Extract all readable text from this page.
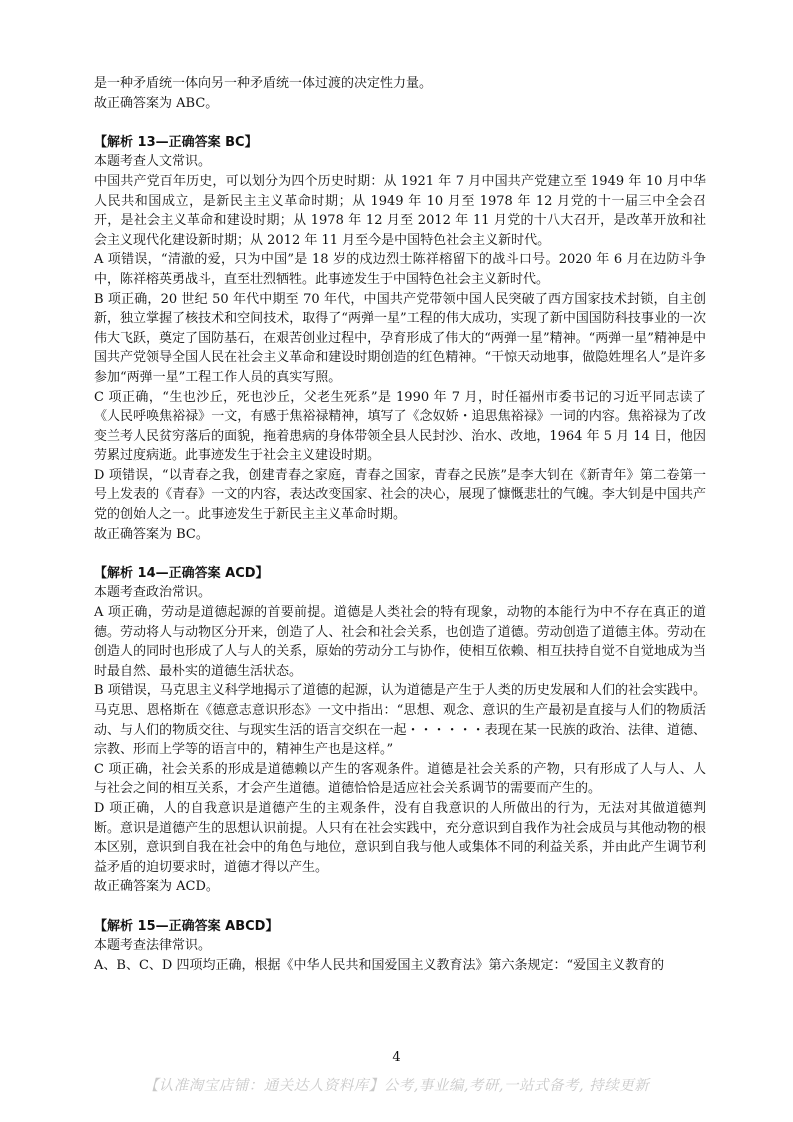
是一种矛盾统一体向另一种矛盾统一体过渡的决定性力量。

故正确答案为 ABC。

【解析 13—正确答案 BC】

本题考查人文常识。

中国共产党百年历史，可以划分为四个历史时期：从 1921 年 7 月中国共产党建立至 1949 年 10 月中华人民共和国成立，是新民主主义革命时期；从 1949 年 10 月至 1978 年 12 月党的十一届三中全会召开，是社会主义革命和建设时期；从 1978 年 12 月至 2012 年 11 月党的十八大召开，是改革开放和社会主义现代化建设新时期；从 2012 年 11 月至今是中国特色社会主义新时代。

A 项错误，“清澈的爱，只为中国”是 18 岁的戍边烈士陈祥榕留下的战斗口号。2020 年 6 月在边防斗争中，陈祥榕英勇战斗，直至壮烈牺牲。此事迹发生于中国特色社会主义新时代。

B 项正确，20 世纪 50 年代中期至 70 年代，中国共产党带领中国人民突破了西方国家技术封锁，自主创新，独立掌握了核技术和空间技术，取得了“两弹一星”工程的伟大成功，实现了新中国国防科技事业的一次伟大飞跃，奠定了国防基石，在艰苦创业过程中，孕育形成了伟大的“两弹一星”精神。“两弹一星”精神是中国共产党领导全国人民在社会主义革命和建设时期创造的红色精神。“干惊天动地事，做隐姓埋名人”是许多参加“两弹一星”工程工作人员的真实写照。

C 项正确，“生也沙丘，死也沙丘，父老生死系”是 1990 年 7 月，时任福州市委书记的习近平同志读了《人民呼唤焦裕禄》一文，有感于焦裕禄精神，填写了《念奴娇・追思焦裕禄》一词的内容。焦裕禄为了改变兰考人民贫穷落后的面貌，拖着患病的身体带领全县人民封沙、治水、改地，1964 年 5 月 14 日，他因劳累过度病逝。此事迹发生于社会主义建设时期。

D 项错误，“以青春之我，创建青春之家庭，青春之国家，青春之民族”是李大钊在《新青年》第二卷第一号上发表的《青春》一文的内容，表达改变国家、社会的决心，展现了慷慨悲壮的气魄。李大钊是中国共产党的创始人之一。此事迹发生于新民主主义革命时期。

故正确答案为 BC。

【解析 14—正确答案 ACD】

本题考查政治常识。

A 项正确，劳动是道德起源的首要前提。道德是人类社会的特有现象，动物的本能行为中不存在真正的道德。劳动将人与动物区分开来，创造了人、社会和社会关系，也创造了道德。劳动创造了道德主体。劳动在创造人的同时也形成了人与人的关系，原始的劳动分工与协作，使相互依赖、相互扶持自觉不自觉地成为当时最自然、最朴实的道德生活状态。

B 项错误，马克思主义科学地揭示了道德的起源，认为道德是产生于人类的历史发展和人们的社会实践中。马克思、恩格斯在《德意志意识形态》一文中指出：“思想、观念、意识的生产最初是直接与人们的物质活动、与人们的物质交往、与现实生活的语言交织在一起・・・・・・表现在某一民族的政治、法律、道德、宗教、形而上学等的语言中的，精神生产也是这样。”

C 项正确，社会关系的形成是道德赖以产生的客观条件。道德是社会关系的产物，只有形成了人与人、人与社会之间的相互关系，才会产生道德。道德恰恰是适应社会关系调节的需要而产生的。

D 项正确，人的自我意识是道德产生的主观条件，没有自我意识的人所做出的行为，无法对其做道德判断。意识是道德产生的思想认识前提。人只有在社会实践中，充分意识到自我作为社会成员与其他动物的根本区别，意识到自我在社会中的角色与地位，意识到自我与他人或集体不同的利益关系，并由此产生调节利益矛盾的迫切要求时，道德才得以产生。

故正确答案为 ACD。

【解析 15—正确答案 ABCD】

本题考查法律常识。

A、B、C、D 四项均正确，根据《中华人民共和国爱国主义教育法》第六条规定：“爱国主义教育的

4
【认准淘宝店铺：通关达人资料库】公考,事业编,考研,一站式备考, 持续更新
